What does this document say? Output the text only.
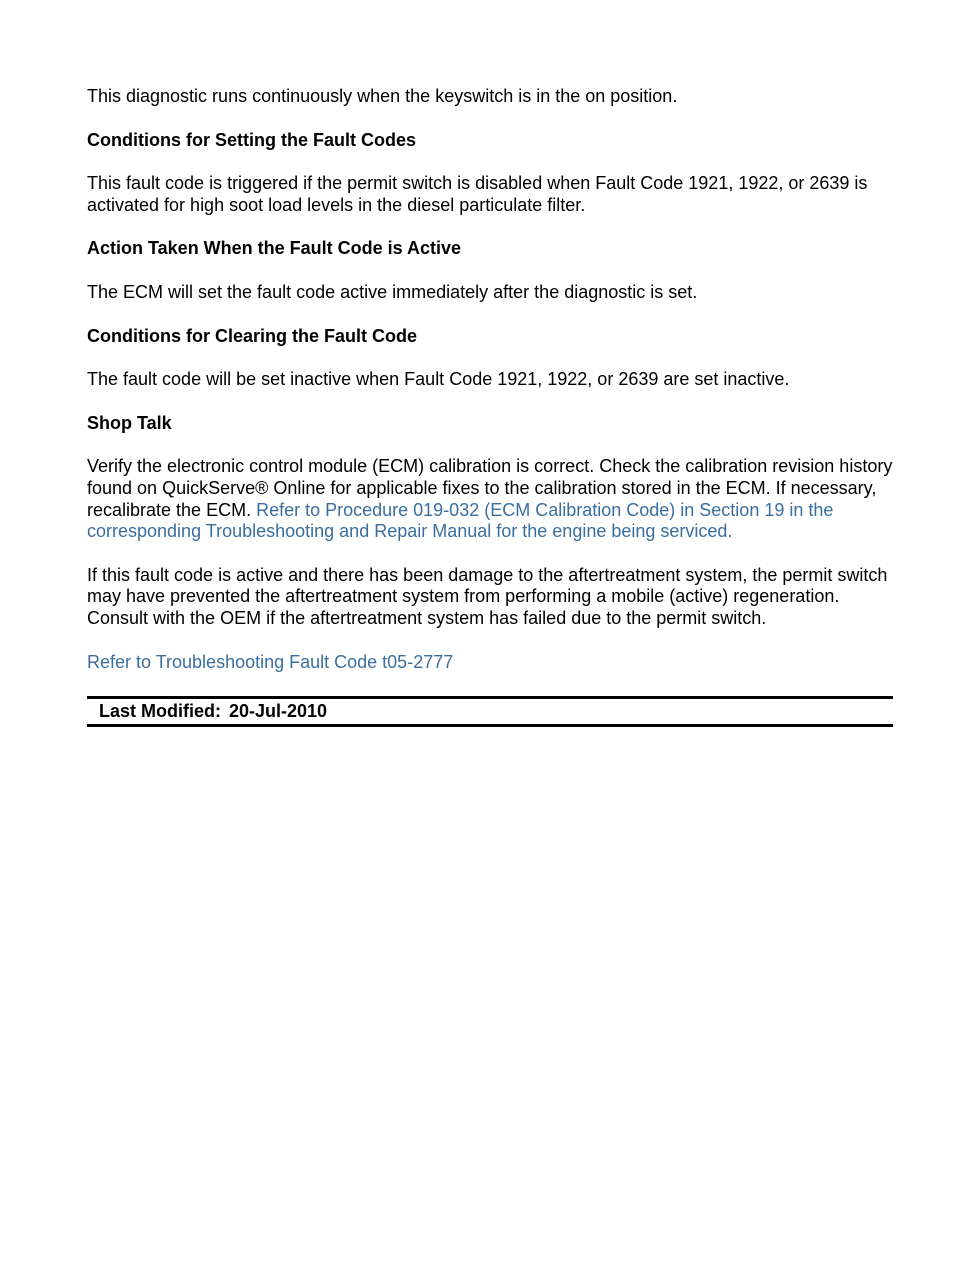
This diagnostic runs continuously when the keyswitch is in the on position.

Conditions for Setting the Fault Codes

This fault code is triggered if the permit switch is disabled when Fault Code 1921, 1922, or 2639 is activated for high soot load levels in the diesel particulate filter.

Action Taken When the Fault Code is Active

The ECM will set the fault code active immediately after the diagnostic is set.

Conditions for Clearing the Fault Code

The fault code will be set inactive when Fault Code 1921, 1922, or 2639 are set inactive.

Shop Talk

Verify the electronic control module (ECM) calibration is correct. Check the calibration revision history found on QuickServe® Online for applicable fixes to the calibration stored in the ECM. If necessary, recalibrate the ECM. Refer to Procedure 019-032 (ECM Calibration Code) in Section 19 in the corresponding Troubleshooting and Repair Manual for the engine being serviced.

If this fault code is active and there has been damage to the aftertreatment system, the permit switch may have prevented the aftertreatment system from performing a mobile (active) regeneration. Consult with the OEM if the aftertreatment system has failed due to the permit switch.

Refer to Troubleshooting Fault Code t05-2777

Last Modified: 20-Jul-2010
